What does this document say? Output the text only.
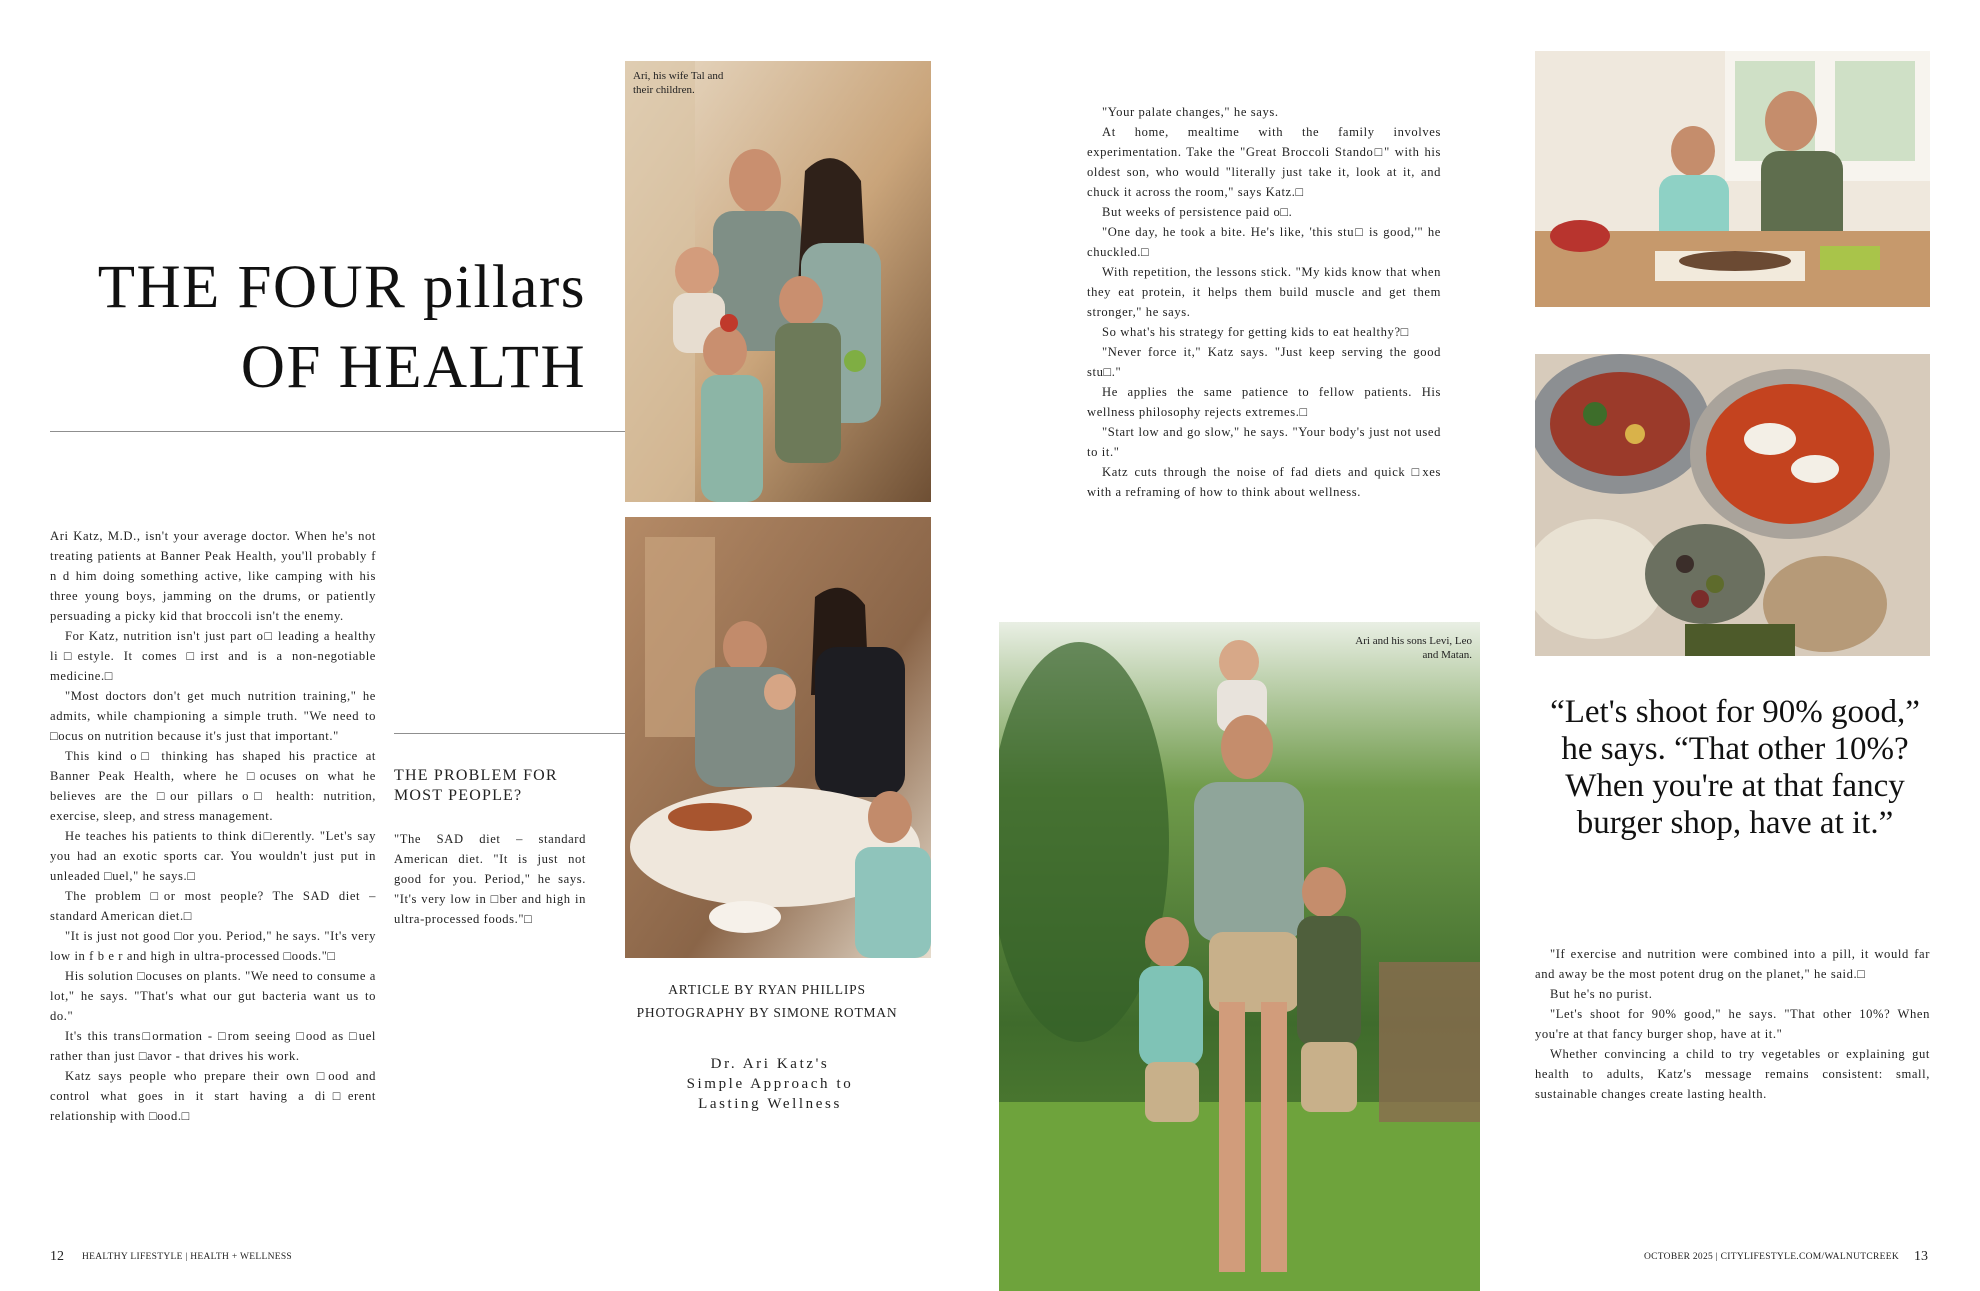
THE FOUR pillars
OF HEALTH
Ari, his wife Tal and their children.

Ari Katz, M.D., isn't your average doctor. When he's not treating patients at Banner Peak Health, you'll probably f n d him doing something active, like camping with his three young boys, jamming on the drums, or patiently persuading a picky kid that broccoli isn't the enemy.

For Katz, nutrition isn't just part o□ leading a healthy li□estyle. It comes □irst and is a non-negotiable medicine.□

"Most doctors don't get much nutrition training," he admits, while championing a simple truth. "We need to □ocus on nutrition because it's just that important."

This kind o□ thinking has shaped his practice at Banner Peak Health, where he □ocuses on what he believes are the □our pillars o□ health: nutrition, exercise, sleep, and stress management.

He teaches his patients to think di□erently. "Let's say you had an exotic sports car. You wouldn't just put in unleaded □uel," he says.□

The problem □or most people? The SAD diet – standard American diet.□

"It is just not good □or you. Period," he says. "It's very low in f b e r and high in ultra-processed □oods."□

His solution □ocuses on plants. "We need to consume a lot," he says. "That's what our gut bacteria want us to do."

It's this trans□ormation - □rom seeing □ood as □uel rather than just □avor - that drives his work.

Katz says people who prepare their own □ood and control what goes in it start having a di□erent relationship with □ood.□

THE PROBLEM FOR
MOST PEOPLE?

"The SAD diet – standard American diet. "It is just not good for you. Period," he says. "It's very low in □ber and high in ultra-processed foods."□

ARTICLE BY RYAN PHILLIPS
PHOTOGRAPHY BY SIMONE ROTMAN
Dr. Ari Katz's
Simple Approach to
Lasting Wellness

"Your palate changes," he says.

At home, mealtime with the family involves experimentation. Take the "Great Broccoli Stando□" with his oldest son, who would "literally just take it, look at it, and chuck it across the room," says Katz.□

But weeks of persistence paid o□.

"One day, he took a bite. He's like, 'this stu□ is good,'" he chuckled.□

With repetition, the lessons stick. "My kids know that when they eat protein, it helps them build muscle and get them stronger," he says.

So what's his strategy for getting kids to eat healthy?□

"Never force it," Katz says. "Just keep serving the good stu□."

He applies the same patience to fellow patients. His wellness philosophy rejects extremes.□

"Start low and go slow," he says. "Your body's just not used to it."

Katz cuts through the noise of fad diets and quick □xes with a reframing of how to think about wellness.

Ari and his sons Levi, Leo and Matan.
“Let's shoot for 90% good,” he says. “That other 10%? When you're at that fancy burger shop, have at it.”

"If exercise and nutrition were combined into a pill, it would far and away be the most potent drug on the planet," he said.□

But he's no purist.

"Let's shoot for 90% good," he says. "That other 10%? When you're at that fancy burger shop, have at it."

Whether convincing a child to try vegetables or explaining gut health to adults, Katz's message remains consistent: small, sustainable changes create lasting health.

12 HEALTHY LIFESTYLE | HEALTH + WELLNESS	OCTOBER 2025 | CITYLIFESTYLE.COM/WALNUTCREEK 13
